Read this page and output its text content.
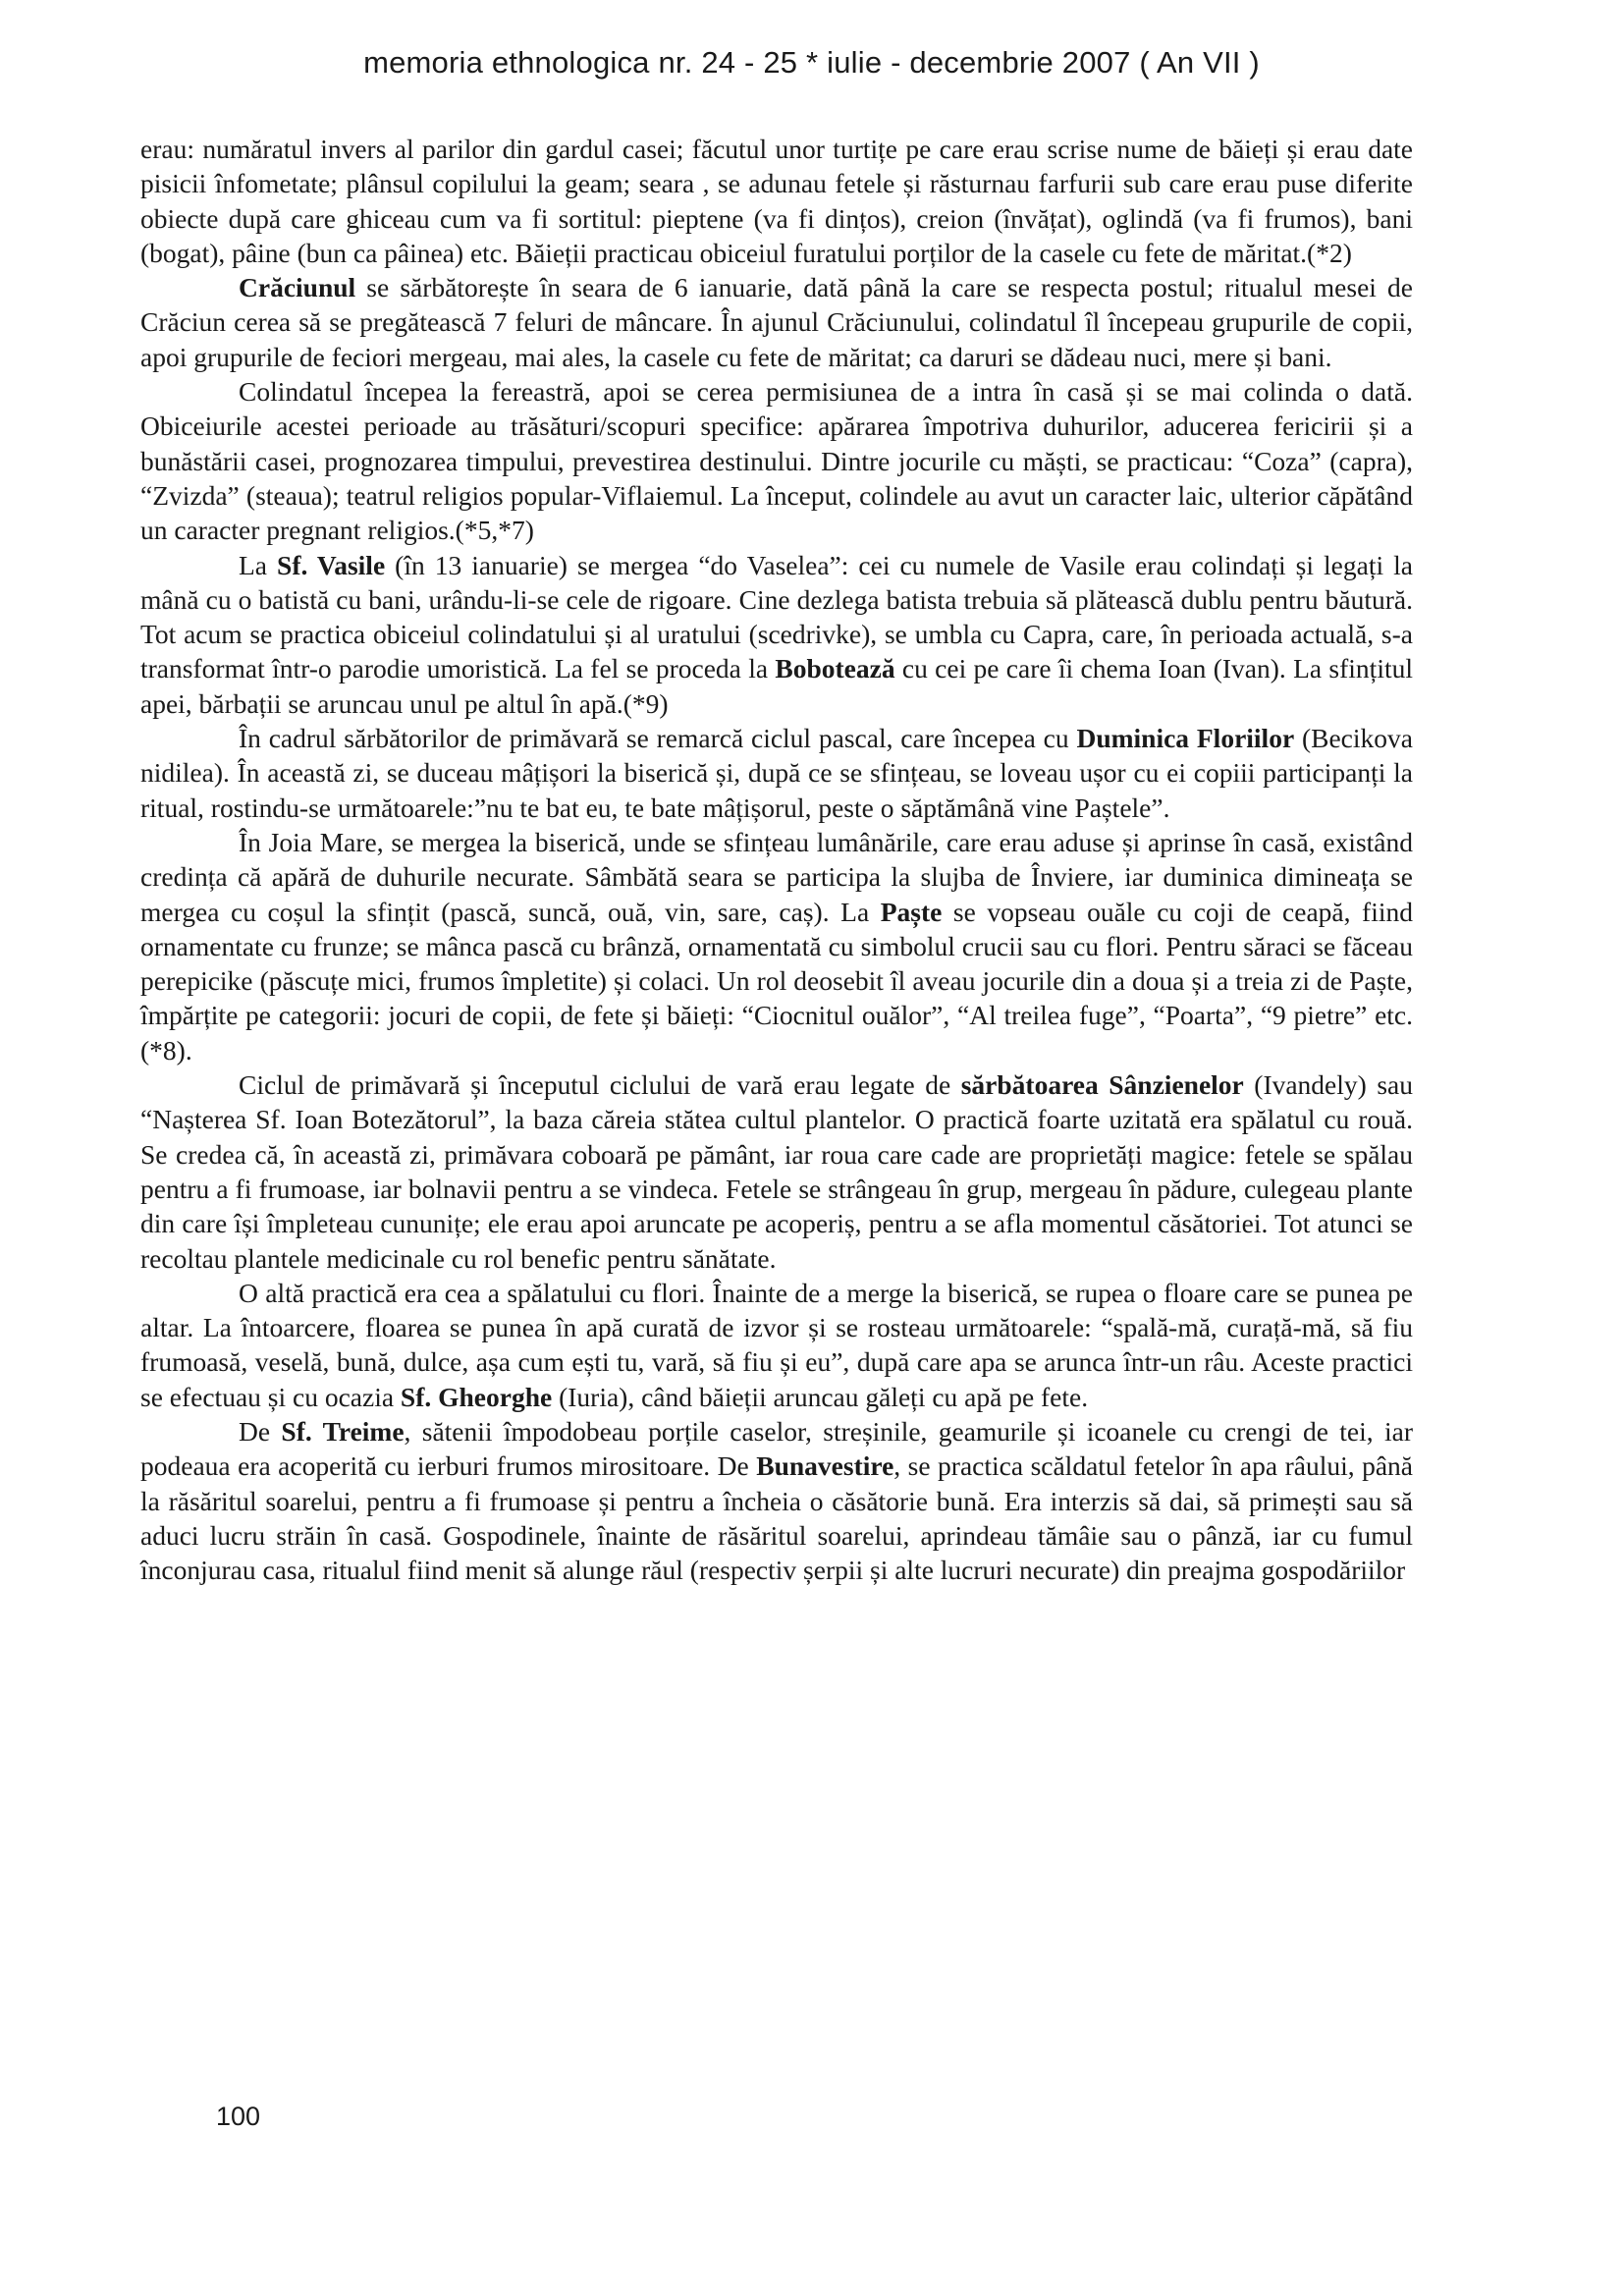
memoria ethnologica nr. 24 - 25 * iulie - decembrie 2007 ( An VII )

erau: număratul invers al parilor din gardul casei; făcutul unor turtițe pe care erau scrise nume de băieți și erau date pisicii înfometate; plânsul copilului la geam; seara , se adunau fetele și răsturnau farfurii sub care erau puse diferite obiecte după care ghiceau cum va fi sortitul: pieptene (va fi dințos), creion (învățat), oglindă (va fi frumos), bani (bogat), pâine (bun ca pâinea) etc. Băieții practicau obiceiul furatului porților de la casele cu fete de măritat.(*2)

Crăciunul se sărbătorește în seara de 6 ianuarie, dată până la care se respecta postul; ritualul mesei de Crăciun cerea să se pregătească 7 feluri de mâncare. În ajunul Crăciunului, colindatul îl începeau grupurile de copii, apoi grupurile de feciori mergeau, mai ales, la casele cu fete de măritat; ca daruri se dădeau nuci, mere și bani.

Colindatul începea la fereastră, apoi se cerea permisiunea de a intra în casă și se mai colinda o dată. Obiceiurile acestei perioade au trăsături/scopuri specifice: apărarea împotriva duhurilor, aducerea fericirii și a bunăstării casei, prognozarea timpului, prevestirea destinului. Dintre jocurile cu măști, se practicau: “Coza” (capra), “Zvizda” (steaua); teatrul religios popular-Viflaiemul. La început, colindele au avut un caracter laic, ulterior căpătând un caracter pregnant religios.(*5,*7)

La Sf. Vasile (în 13 ianuarie) se mergea “do Vaselea”: cei cu numele de Vasile erau colindați și legați la mână cu o batistă cu bani, urându-li-se cele de rigoare. Cine dezlega batista trebuia să plătească dublu pentru băutură. Tot acum se practica obiceiul colindatului și al uratului (scedrivke), se umbla cu Capra, care, în perioada actuală, s-a transformat într-o parodie umoristică. La fel se proceda la Bobotează cu cei pe care îi chema Ioan (Ivan). La sfințitul apei, bărbații se aruncau unul pe altul în apă.(*9)

În cadrul sărbătorilor de primăvară se remarcă ciclul pascal, care începea cu Duminica Floriilor (Becikova nidilea). În această zi, se duceau mâțișori la biserică și, după ce se sfințeau, se loveau ușor cu ei copiii participanți la ritual, rostindu-se următoarele:”nu te bat eu, te bate mâțișorul, peste o săptămână vine Paștele”.

În Joia Mare, se mergea la biserică, unde se sfințeau lumânările, care erau aduse și aprinse în casă, existând credința că apără de duhurile necurate. Sâmbătă seara se participa la slujba de Înviere, iar duminica dimineața se mergea cu coșul la sfințit (pască, suncă, ouă, vin, sare, caș). La Paște se vopseau ouăle cu coji de ceapă, fiind ornamentate cu frunze; se mânca pască cu brânză, ornamentată cu simbolul crucii sau cu flori. Pentru săraci se făceau perepicike (păscuțe mici, frumos împletite) și colaci. Un rol deosebit îl aveau jocurile din a doua și a treia zi de Paște, împărțite pe categorii: jocuri de copii, de fete și băieți: “Ciocnitul ouălor”, “Al treilea fuge”, “Poarta”, “9 pietre” etc.(*8).

Ciclul de primăvară și începutul ciclului de vară erau legate de sărbătoarea Sânzienelor (Ivandely) sau “Nașterea Sf. Ioan Botezătorul”, la baza căreia stătea cultul plantelor. O practică foarte uzitată era spălatul cu rouă. Se credea că, în această zi, primăvara coboară pe pământ, iar roua care cade are proprietăți magice: fetele se spălau pentru a fi frumoase, iar bolnavii pentru a se vindeca. Fetele se strângeau în grup, mergeau în pădure, culegeau plante din care își împleteau cununițe; ele erau apoi aruncate pe acoperiș, pentru a se afla momentul căsătoriei. Tot atunci se recoltau plantele medicinale cu rol benefic pentru sănătate.

O altă practică era cea a spălatului cu flori. Înainte de a merge la biserică, se rupea o floare care se punea pe altar. La întoarcere, floarea se punea în apă curată de izvor și se rosteau următoarele: “spală-mă, curață-mă, să fiu frumoasă, veselă, bună, dulce, așa cum ești tu, vară, să fiu și eu”, după care apa se arunca într-un râu. Aceste practici se efectuau și cu ocazia Sf. Gheorghe (Iuria), când băieții aruncau găleți cu apă pe fete.

De Sf. Treime, sătenii împodobeau porțile caselor, streșinile, geamurile și icoanele cu crengi de tei, iar podeaua era acoperită cu ierburi frumos mirositoare. De Bunavestire, se practica scăldatul fetelor în apa râului, până la răsăritul soarelui, pentru a fi frumoase și pentru a încheia o căsătorie bună. Era interzis să dai, să primești sau să aduci lucru străin în casă. Gospodinele, înainte de răsăritul soarelui, aprindeau tămâie sau o pânză, iar cu fumul înconjurau casa, ritualul fiind menit să alunge răul (respectiv șerpii și alte lucruri necurate) din preajma gospodăriilor

100
